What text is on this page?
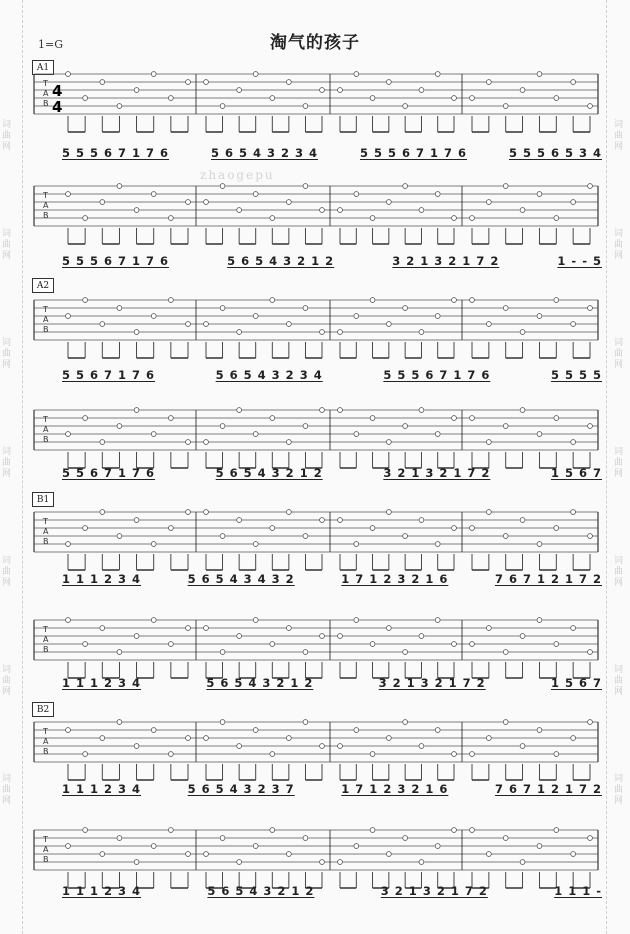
词
曲
网
词
曲
网
词
曲
网
词
曲
网
词
曲
网
词
曲
网
词
曲
网
词
曲
网
词
曲
网
词
曲
网
词
曲
网
词
曲
网
词
曲
网
词
曲
网
淘气的孩子
1=G
zhaogepu
A1
A2
B1
B2
T
A
B
4
4
T
A
B
T
A
B
T
A
B
T
A
B
T
A
B
T
A
B
T
A
B
5 5 5 6 7 1 7 6	5 6 5 4 3 2 3 4	5 5 5 6 7 1 7 6	5 5 5 6 5 3 4
5 5 5 6 7 1 7 6	5 6 5 4 3 2 1 2	3 2 1 3 2 1 7 2	1 - - 5
5 5 6 7 1 7 6	5 6 5 4 3 2 3 4	5 5 5 6 7 1 7 6	5 5 5 5
5 5 6 7 1 7 6	5 6 5 4 3 2 1 2	3 2 1 3 2 1 7 2	1 5 6 7
1 1 1 2 3 4	5 6 5 4 3 4 3 2	1 7 1 2 3 2 1 6	7 6 7 1 2 1 7 2
1 1 1 2 3 4	5 6 5 4 3 2 1 2	3 2 1 3 2 1 7 2	1 5 6 7
1 1 1 2 3 4	5 6 5 4 3 2 3 7	1 7 1 2 3 2 1 6	7 6 7 1 2 1 7 2
1 1 1 2 3 4	5 6 5 4 3 2 1 2	3 2 1 3 2 1 7 2	1 1 1 -
